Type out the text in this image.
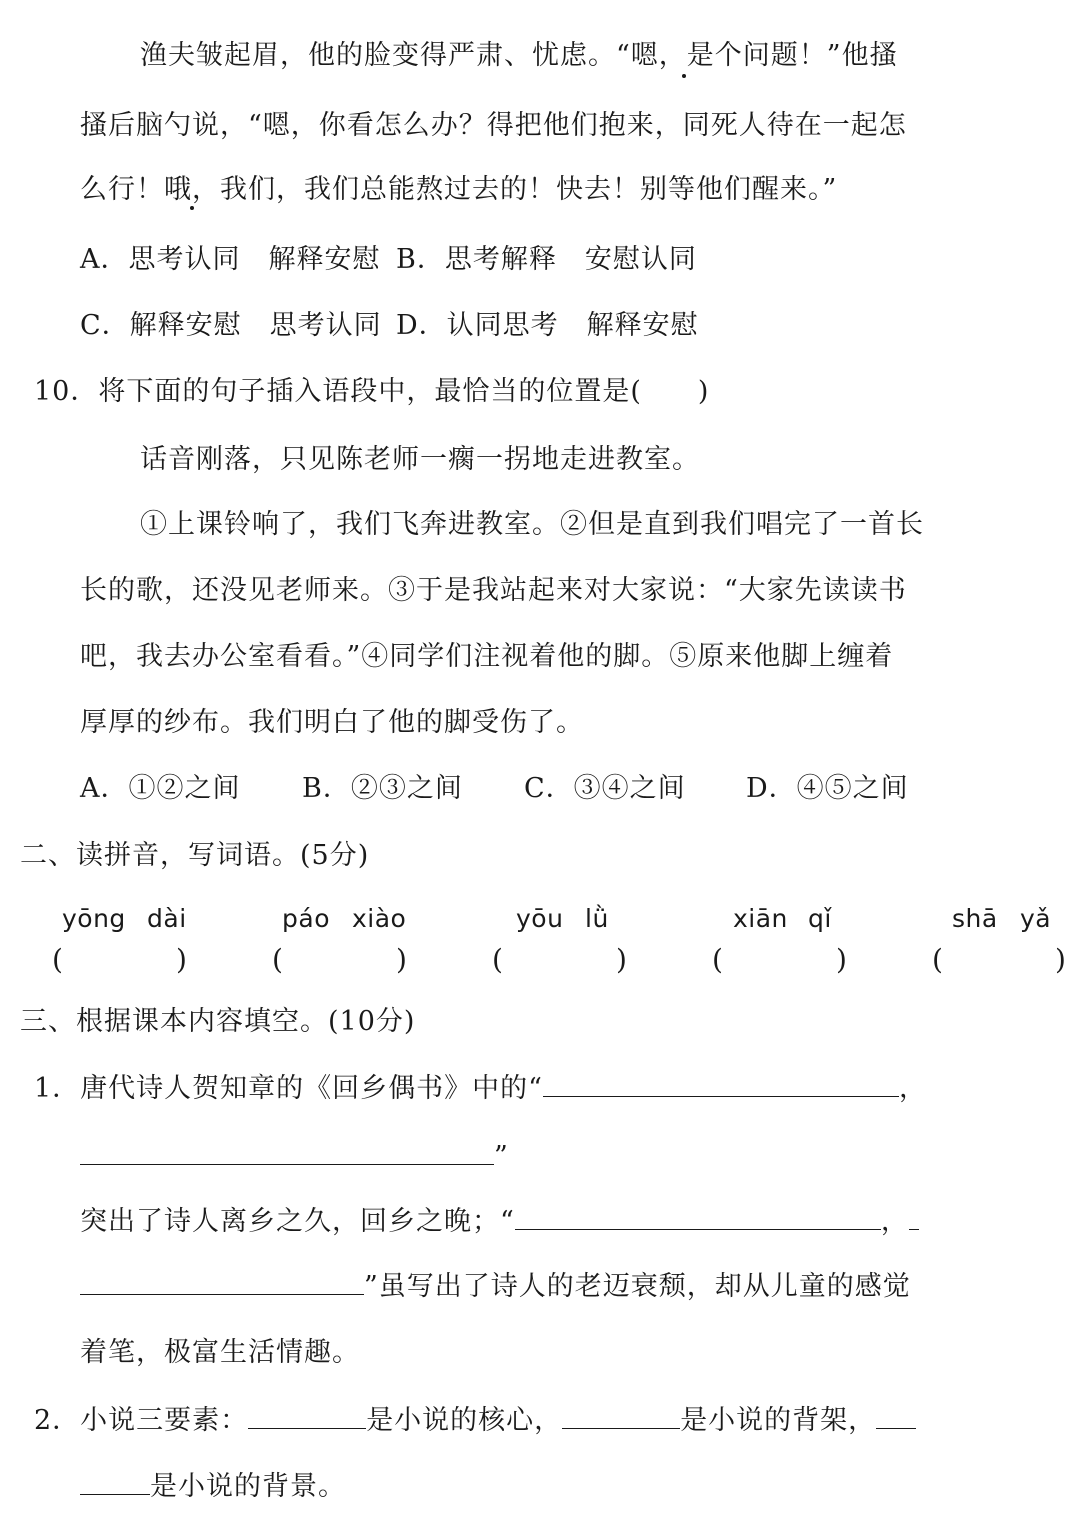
渔夫皱起眉，他的脸变得严肃、忧虑。“嗯，是个问题！”他搔
搔后脑勺说，“嗯，你看怎么办？得把他们抱来，同死人待在一起怎
么行！哦，我们，我们总能熬过去的！快去！别等他们醒来。”
A．思考认同　解释安慰 B．思考解释　安慰认同
C．解释安慰　思考认同 D．认同思考　解释安慰
10．将下面的句子插入语段中，最恰当的位置是(　　)
话音刚落，只见陈老师一瘸一拐地走进教室。
①上课铃响了，我们飞奔进教室。②但是直到我们唱完了一首长
长的歌，还没见老师来。③于是我站起来对大家说：“大家先读读书
吧，我去办公室看看。”④同学们注视着他的脚。⑤原来他脚上缠着
厚厚的纱布。我们明白了他的脚受伤了。
A．①②之间 B．②③之间 C．③④之间 D．④⑤之间
二、读拼音，写词语。(5分)
yōng dài	páo xiào	yōu lǜ	xiān qǐ	shā yǎ
(	)	(	)	(	)	(	)	(	)
三、根据课本内容填空。(10分)
1．唐代诗人贺知章的《回乡偶书》中的“	，
”
突出了诗人离乡之久，回乡之晚；“	，
”虽写出了诗人的老迈衰颓，却从儿童的感觉
着笔，极富生活情趣。
2．小说三要素：	是小说的核心，	是小说的背架，
是小说的背景。
